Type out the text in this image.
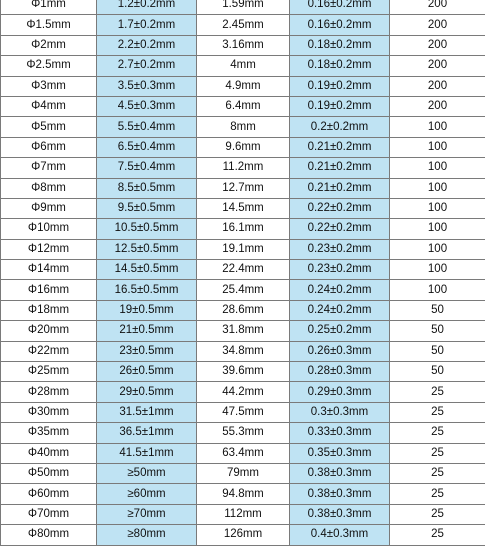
Φ1mm	1.2±0.2mm	1.59mm	0.16±0.2mm	200
Φ1.5mm	1.7±0.2mm	2.45mm	0.16±0.2mm	200
Φ2mm	2.2±0.2mm	3.16mm	0.18±0.2mm	200
Φ2.5mm	2.7±0.2mm	4mm	0.18±0.2mm	200
Φ3mm	3.5±0.3mm	4.9mm	0.19±0.2mm	200
Φ4mm	4.5±0.3mm	6.4mm	0.19±0.2mm	200
Φ5mm	5.5±0.4mm	8mm	0.2±0.2mm	100
Φ6mm	6.5±0.4mm	9.6mm	0.21±0.2mm	100
Φ7mm	7.5±0.4mm	11.2mm	0.21±0.2mm	100
Φ8mm	8.5±0.5mm	12.7mm	0.21±0.2mm	100
Φ9mm	9.5±0.5mm	14.5mm	0.22±0.2mm	100
Φ10mm	10.5±0.5mm	16.1mm	0.22±0.2mm	100
Φ12mm	12.5±0.5mm	19.1mm	0.23±0.2mm	100
Φ14mm	14.5±0.5mm	22.4mm	0.23±0.2mm	100
Φ16mm	16.5±0.5mm	25.4mm	0.24±0.2mm	100
Φ18mm	19±0.5mm	28.6mm	0.24±0.2mm	50
Φ20mm	21±0.5mm	31.8mm	0.25±0.2mm	50
Φ22mm	23±0.5mm	34.8mm	0.26±0.3mm	50
Φ25mm	26±0.5mm	39.6mm	0.28±0.3mm	50
Φ28mm	29±0.5mm	44.2mm	0.29±0.3mm	25
Φ30mm	31.5±1mm	47.5mm	0.3±0.3mm	25
Φ35mm	36.5±1mm	55.3mm	0.33±0.3mm	25
Φ40mm	41.5±1mm	63.4mm	0.35±0.3mm	25
Φ50mm	≥50mm	79mm	0.38±0.3mm	25
Φ60mm	≥60mm	94.8mm	0.38±0.3mm	25
Φ70mm	≥70mm	112mm	0.38±0.3mm	25
Φ80mm	≥80mm	126mm	0.4±0.3mm	25
